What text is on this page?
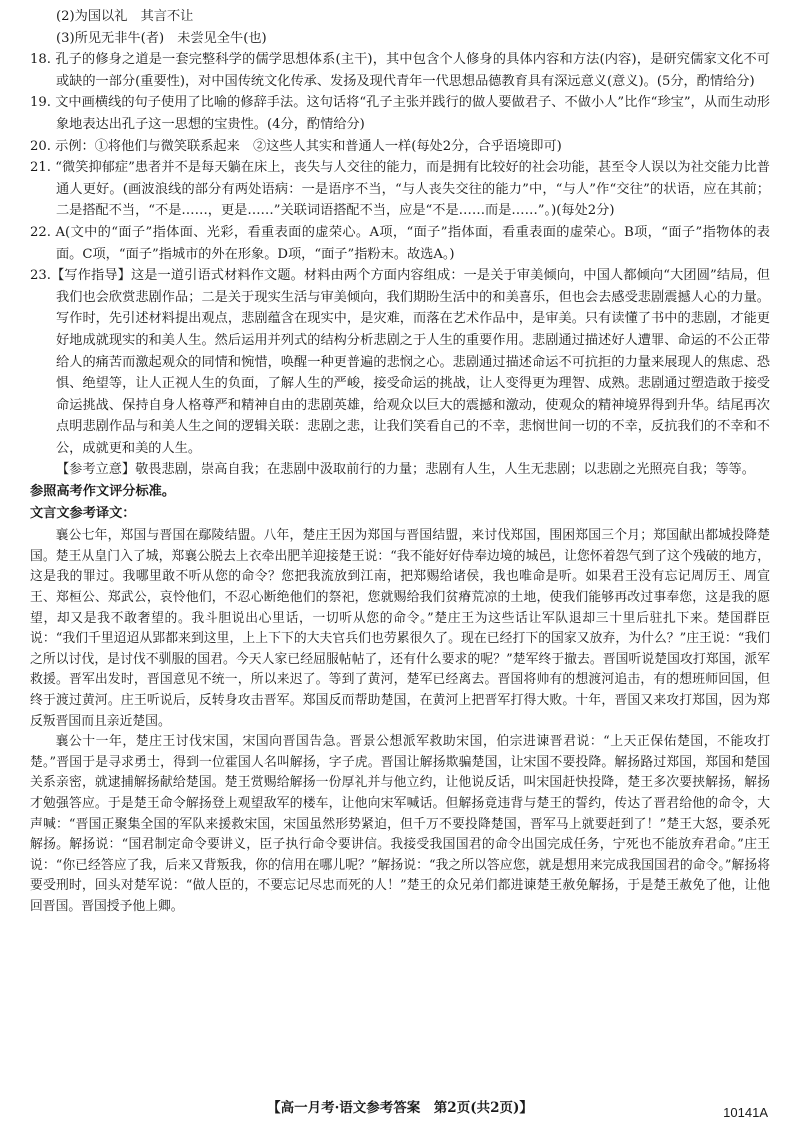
(2)为国以礼　其言不让

(3)所见无非牛(者)　未尝见全牛(也)

18. 孔子的修身之道是一套完整科学的儒学思想体系(主干)，其中包含个人修身的具体内容和方法(内容)，是研究儒家文化不可或缺的一部分(重要性)，对中国传统文化传承、发扬及现代青年一代思想品德教育具有深远意义(意义)。(5分，酌情给分)

19. 文中画横线的句子使用了比喻的修辞手法。这句话将“孔子主张并践行的做人要做君子、不做小人”比作“珍宝”，从而生动形象地表达出孔子这一思想的宝贵性。(4分，酌情给分)

20. 示例：①将他们与微笑联系起来　②这些人其实和普通人一样(每处2分，合乎语境即可)

21. “微笑抑郁症”患者并不是每天躺在床上，丧失与人交往的能力，而是拥有比较好的社会功能，甚至令人误以为社交能力比普通人更好。(画波浪线的部分有两处语病：一是语序不当，“与人丧失交往的能力”中，“与人”作“交往”的状语，应在其前；二是搭配不当，“不是……，更是……”关联词语搭配不当，应是“不是……而是……”。)(每处2分)

22. A(文中的“面子”指体面、光彩，看重表面的虚荣心。A项，“面子”指体面，看重表面的虚荣心。B项，“面子”指物体的表面。C项，“面子”指城市的外在形象。D项，“面子”指粉末。故选A。)

23.【写作指导】这是一道引语式材料作文题。材料由两个方面内容组成：一是关于审美倾向，中国人都倾向“大团圆”结局，但我们也会欣赏悲剧作品；二是关于现实生活与审美倾向，我们期盼生活中的和美喜乐，但也会去感受悲剧震撼人心的力量。写作时，先引述材料提出观点，悲剧蕴含在现实中，是灾难，而落在艺术作品中，是审美。只有读懂了书中的悲剧，才能更好地成就现实的和美人生。然后运用并列式的结构分析悲剧之于人生的重要作用。悲剧通过描述好人遭罪、命运的不公正带给人的痛苦而激起观众的同情和惋惜，唤醒一种更普遍的悲悯之心。悲剧通过描述命运不可抗拒的力量来展现人的焦虑、恐惧、绝望等，让人正视人生的负面，了解人生的严峻，接受命运的挑战，让人变得更为理智、成熟。悲剧通过塑造敢于接受命运挑战、保持自身人格尊严和精神自由的悲剧英雄，给观众以巨大的震撼和激动，使观众的精神境界得到升华。结尾再次点明悲剧作品与和美人生之间的逻辑关联：悲剧之悲，让我们笑看自己的不幸，悲悯世间一切的不幸，反抗我们的不幸和不公，成就更和美的人生。

【参考立意】敬畏悲剧，崇高自我；在悲剧中汲取前行的力量；悲剧有人生，人生无悲剧；以悲剧之光照亮自我；等等。

参照高考作文评分标准。

文言文参考译文：

襄公七年，郑国与晋国在鄢陵结盟。八年，楚庄王因为郑国与晋国结盟，来讨伐郑国，围困郑国三个月；郑国献出都城投降楚国。楚王从皇门入了城，郑襄公脱去上衣牵出肥羊迎接楚王说：“我不能好好侍奉边境的城邑，让您怀着怨气到了这个残破的地方，这是我的罪过。我哪里敢不听从您的命令？您把我流放到江南，把郑赐给诸侯，我也唯命是听。如果君王没有忘记周厉王、周宣王、郑桓公、郑武公，哀怜他们，不忍心断绝他们的祭祀，您就赐给我们贫瘠荒凉的土地，使我们能够再改过事奉您，这是我的愿望，却又是我不敢奢望的。我斗胆说出心里话，一切听从您的命令。”楚庄王为这些话让军队退却三十里后驻扎下来。楚国群臣说：“我们千里迢迢从郢都来到这里，上上下下的大夫官兵们也劳累很久了。现在已经打下的国家又放弃，为什么？”庄王说：“我们之所以讨伐，是讨伐不驯服的国君。今天人家已经屈服帖帖了，还有什么要求的呢？”楚军终于撤去。晋国听说楚国攻打郑国，派军救援。晋军出发时，晋国意见不统一，所以来迟了。等到了黄河，楚军已经离去。晋国将帅有的想渡河追击，有的想班师回国，但终于渡过黄河。庄王听说后，反转身攻击晋军。郑国反而帮助楚国，在黄河上把晋军打得大败。十年，晋国又来攻打郑国，因为郑反叛晋国而且亲近楚国。

襄公十一年，楚庄王讨伐宋国，宋国向晋国告急。晋景公想派军救助宋国，伯宗进谏晋君说：“上天正保佑楚国，不能攻打楚。”晋国于是寻求勇士，得到一位霍国人名叫解扬，字子虎。晋国让解扬欺骗楚国，让宋国不要投降。解扬路过郑国，郑国和楚国关系亲密，就逮捕解扬献给楚国。楚王赏赐给解扬一份厚礼并与他立约，让他说反话，叫宋国赶快投降，楚王多次要挟解扬，解扬才勉强答应。于是楚王命令解扬登上观望敌军的楼车，让他向宋军喊话。但解扬竟违背与楚王的誓约，传达了晋君给他的命令，大声喊：“晋国正聚集全国的军队来援救宋国，宋国虽然形势紧迫，但千万不要投降楚国，晋军马上就要赶到了！”楚王大怒，要杀死解扬。解扬说：“国君制定命令要讲义，臣子执行命令要讲信。我接受我国国君的命令出国完成任务，宁死也不能放弃君命。”庄王说：“你已经答应了我，后来又背叛我，你的信用在哪儿呢？”解扬说：“我之所以答应您，就是想用来完成我国国君的命令。”解扬将要受刑时，回头对楚军说：“做人臣的，不要忘记尽忠而死的人！”楚王的众兄弟们都进谏楚王赦免解扬，于是楚王赦免了他，让他回晋国。晋国授予他上卿。

【高一月考·语文参考答案　第2页(共2页)】	10141A
